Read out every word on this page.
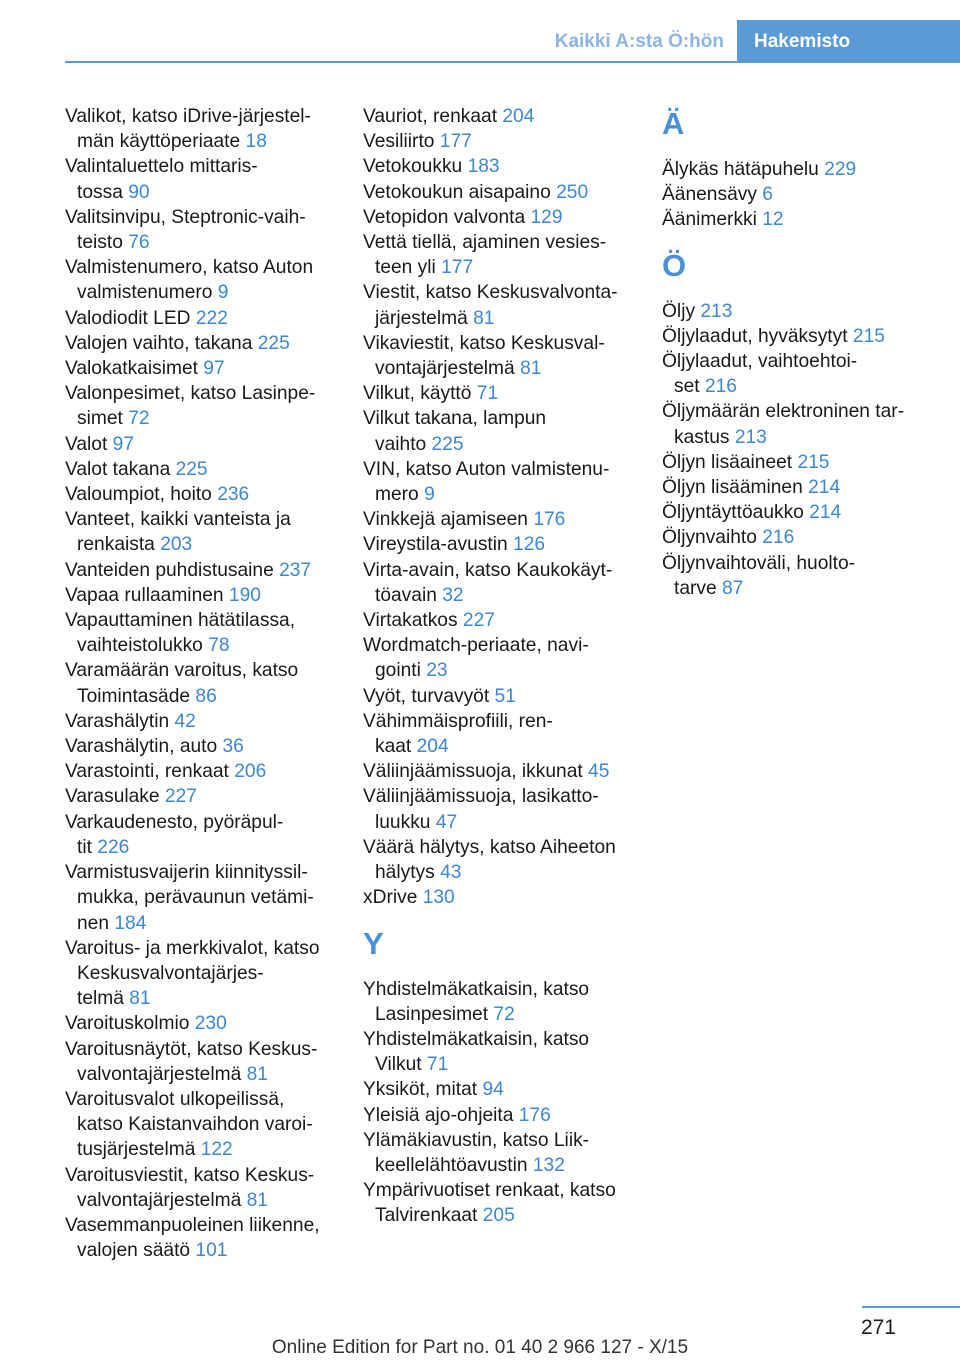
Kaikki A:sta Ö:hön	Hakemisto
Valikot, katso iDrive-järjestel-
män käyttöperiaate 18
Valintaluettelo mittaris-
tossa 90
Valitsinvipu, Steptronic-vaih-
teisto 76
Valmistenumero, katso Auton
valmistenumero 9
Valodiodit LED 222
Valojen vaihto, takana 225
Valokatkaisimet 97
Valonpesimet, katso Lasinpe-
simet 72
Valot 97
Valot takana 225
Valoumpiot, hoito 236
Vanteet, kaikki vanteista ja
renkaista 203
Vanteiden puhdistusaine 237
Vapaa rullaaminen 190
Vapauttaminen hätätilassa,
vaihteistolukko 78
Varamäärän varoitus, katso
Toimintasäde 86
Varashälytin 42
Varashälytin, auto 36
Varastointi, renkaat 206
Varasulake 227
Varkaudenesto, pyöräpul-
tit 226
Varmistusvaijerin kiinnityssil-
mukka, perävaunun vetämi-
nen 184
Varoitus- ja merkkivalot, katso
Keskusvalvontajärjes-
telmä 81
Varoituskolmio 230
Varoitusnäytöt, katso Keskus-
valvontajärjestelmä 81
Varoitusvalot ulkopeilissä,
katso Kaistanvaihdon varoi-
tusjärjestelmä 122
Varoitusviestit, katso Keskus-
valvontajärjestelmä 81
Vasemmanpuoleinen liikenne,
valojen säätö 101
Vauriot, renkaat 204
Vesiliirto 177
Vetokoukku 183
Vetokoukun aisapaino 250
Vetopidon valvonta 129
Vettä tiellä, ajaminen vesies-
teen yli 177
Viestit, katso Keskusvalvonta-
järjestelmä 81
Vikaviestit, katso Keskusval-
vontajärjestelmä 81
Vilkut, käyttö 71
Vilkut takana, lampun
vaihto 225
VIN, katso Auton valmistenu-
mero 9
Vinkkejä ajamiseen 176
Vireystila-avustin 126
Virta-avain, katso Kaukokäyt-
töavain 32
Virtakatkos 227
Wordmatch-periaate, navi-
gointi 23
Vyöt, turvavyöt 51
Vähimmäisprofiili, ren-
kaat 204
Väliinjäämissuoja, ikkunat 45
Väliinjäämissuoja, lasikatto-
luukku 47
Väärä hälytys, katso Aiheeton
hälytys 43
xDrive 130
Y
Yhdistelmäkatkaisin, katso
Lasinpesimet 72
Yhdistelmäkatkaisin, katso
Vilkut 71
Yksiköt, mitat 94
Yleisiä ajo-ohjeita 176
Ylämäkiavustin, katso Liik-
keellelähtöavustin 132
Ympärivuotiset renkaat, katso
Talvirenkaat 205
Ä
Älykäs hätäpuhelu 229
Äänensävy 6
Äänimerkki 12
Ö
Öljy 213
Öljylaadut, hyväksytyt 215
Öljylaadut, vaihtoehtoi-
set 216
Öljymäärän elektroninen tar-
kastus 213
Öljyn lisäaineet 215
Öljyn lisääminen 214
Öljyntäyttöaukko 214
Öljynvaihto 216
Öljynvaihtoväli, huolto-
tarve 87
271
Online Edition for Part no. 01 40 2 966 127 - X/15
